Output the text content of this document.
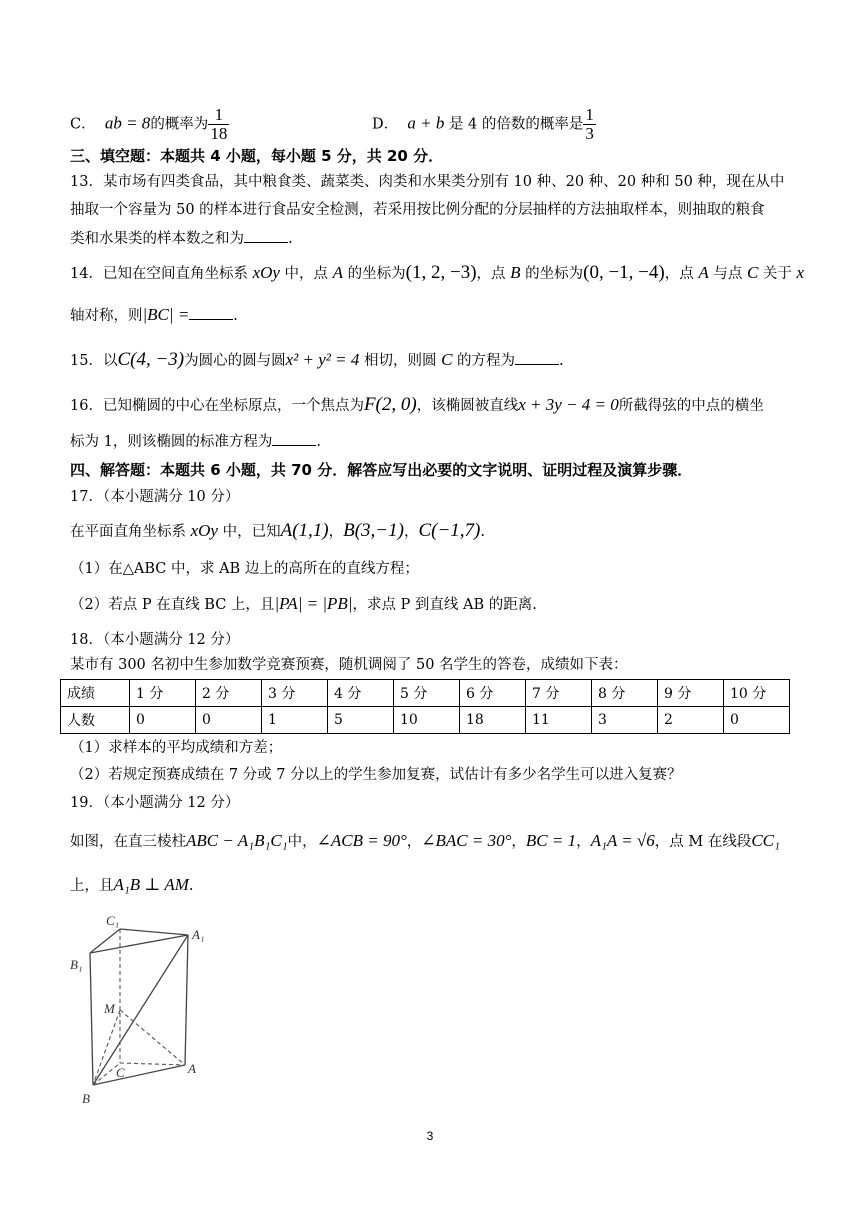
C． ab = 8的概率为 $\frac{1}{18}$	D． a + b 是 4 的倍数的概率是 $\frac{1}{3}$
三、填空题：本题共 4 小题，每小题 5 分，共 20 分．
13．某市场有四类食品，其中粮食类、蔬菜类、肉类和水果类分别有 10 种、20 种、20 种和 50 种，现在从中
抽取一个容量为 50 的样本进行食品安全检测，若采用按比例分配的分层抽样的方法抽取样本，则抽取的粮食
类和水果类的样本数之和为	.
14．已知在空间直角坐标系 xOy 中，点 A 的坐标为(1, 2, −3)，点 B 的坐标为(0, −1, −4)，点 A 与点 C 关于 x
轴对称，则|BC| =	.
15．以C(4, −3)为圆心的圆与圆x² + y² = 4 相切，则圆 C 的方程为	.
16．已知椭圆的中心在坐标原点，一个焦点为F(2, 0)，该椭圆被直线x + 3y − 4 = 0所截得弦的中点的横坐
标为 1，则该椭圆的标准方程为	.
四、解答题：本题共 6 小题，共 70 分．解答应写出必要的文字说明、证明过程及演算步骤．
17．（本小题满分 10 分）
在平面直角坐标系 xOy 中，已知A(1,1)，B(3,−1)，C(−1,7).
（1）在△ABC 中，求 AB 边上的高所在的直线方程；
（2）若点 P 在直线 BC 上，且|PA| = |PB|，求点 P 到直线 AB 的距离.
18．（本小题满分 12 分）
某市有 300 名初中生参加数学竞赛预赛，随机调阅了 50 名学生的答卷，成绩如下表：
成绩	1 分	2 分	3 分	4 分	5 分	6 分	7 分	8 分	9 分	10 分
人数	0	0	1	5	10	18	11	3	2	0
（1）求样本的平均成绩和方差；
（2）若规定预赛成绩在 7 分或 7 分以上的学生参加复赛，试估计有多少名学生可以进入复赛？
19．（本小题满分 12 分）
如图，在直三棱柱ABC − A₁B₁C₁中，∠ACB = 90°，∠BAC = 30°，BC = 1，A₁A = √6，点 M 在线段CC₁
上，且A₁B ⊥ AM.
C₁
A₁
B₁
M
C	A
B
3
